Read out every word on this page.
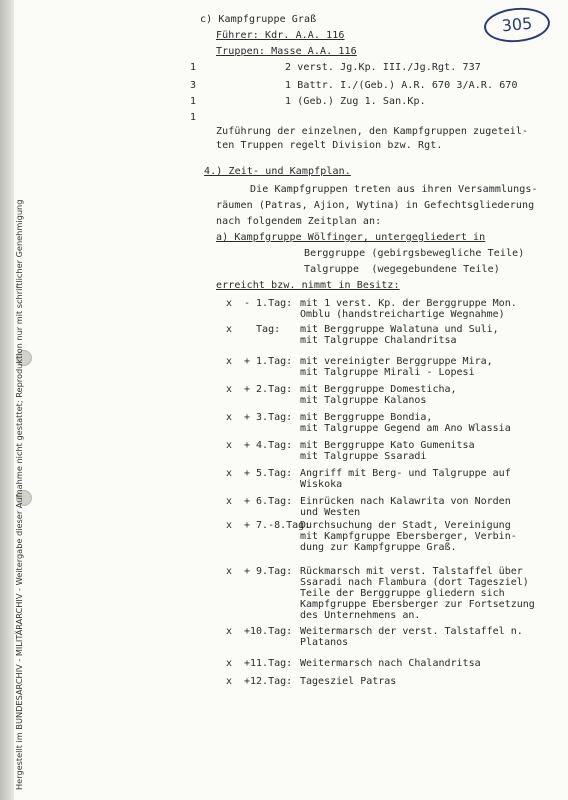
Hergestellt im BUNDESARCHIV - MILITÄRARCHIV - Weitergabe dieser Aufnahme nicht gestattet; Reproduktion nur mit schriftlicher Genehmigung
305
c) Kampfgruppe Graß
Führer: Kdr. A.A. 116
Truppen: Masse A.A. 116
1
3
1
1
2 verst. Jg.Kp. III./Jg.Rgt. 737
1 Battr. I./(Geb.) A.R. 670 3/A.R. 670
1 (Geb.) Zug 1. San.Kp.
Zuführung der einzelnen, den Kampfgruppen zugeteil-
ten Truppen regelt Division bzw. Rgt.
4.) Zeit- und Kampfplan.
Die Kampfgruppen treten aus ihren Versammlungs-
räumen (Patras, Ajion, Wytina) in Gefechtsgliederung
nach folgendem Zeitplan an:
a) Kampfgruppe Wölfinger, untergegliedert in
Berggruppe (gebirgsbewegliche Teile)
Talgruppe  (wegegebundene Teile)
erreicht bzw. nimmt in Besitz:
x - 1.Tag: mit 1 verst. Kp. der Berggruppe Mon.
Omblu (handstreichartige Wegnahme)
x Tag: mit Berggruppe Walatuna und Suli,
mit Talgruppe Chalandritsa
x + 1.Tag: mit vereinigter Berggruppe Mira,
mit Talgruppe Mirali - Lopesi
x + 2.Tag: mit Berggruppe Domesticha,
mit Talgruppe Kalanos
x + 3.Tag: mit Berggruppe Bondia,
mit Talgruppe Gegend am Ano Wlassia
x + 4.Tag: mit Berggruppe Kato Gumenitsa
mit Talgruppe Ssaradi
x + 5.Tag: Angriff mit Berg- und Talgruppe auf
Wiskoka
x + 6.Tag: Einrücken nach Kalawrita von Norden
und Westen
x + 7.-8.Tag:
Durchsuchung der Stadt, Vereinigung
mit Kampfgruppe Ebersberger, Verbin-
dung zur Kampfgruppe Graß.
x + 9.Tag: Rückmarsch mit verst. Talstaffel über
Ssaradi nach Flambura (dort Tagesziel)
Teile der Berggruppe gliedern sich
Kampfgruppe Ebersberger zur Fortsetzung
des Unternehmens an.
x +10.Tag: Weitermarsch der verst. Talstaffel n.
Platanos
x +11.Tag: Weitermarsch nach Chalandritsa
x +12.Tag: Tagesziel Patras
